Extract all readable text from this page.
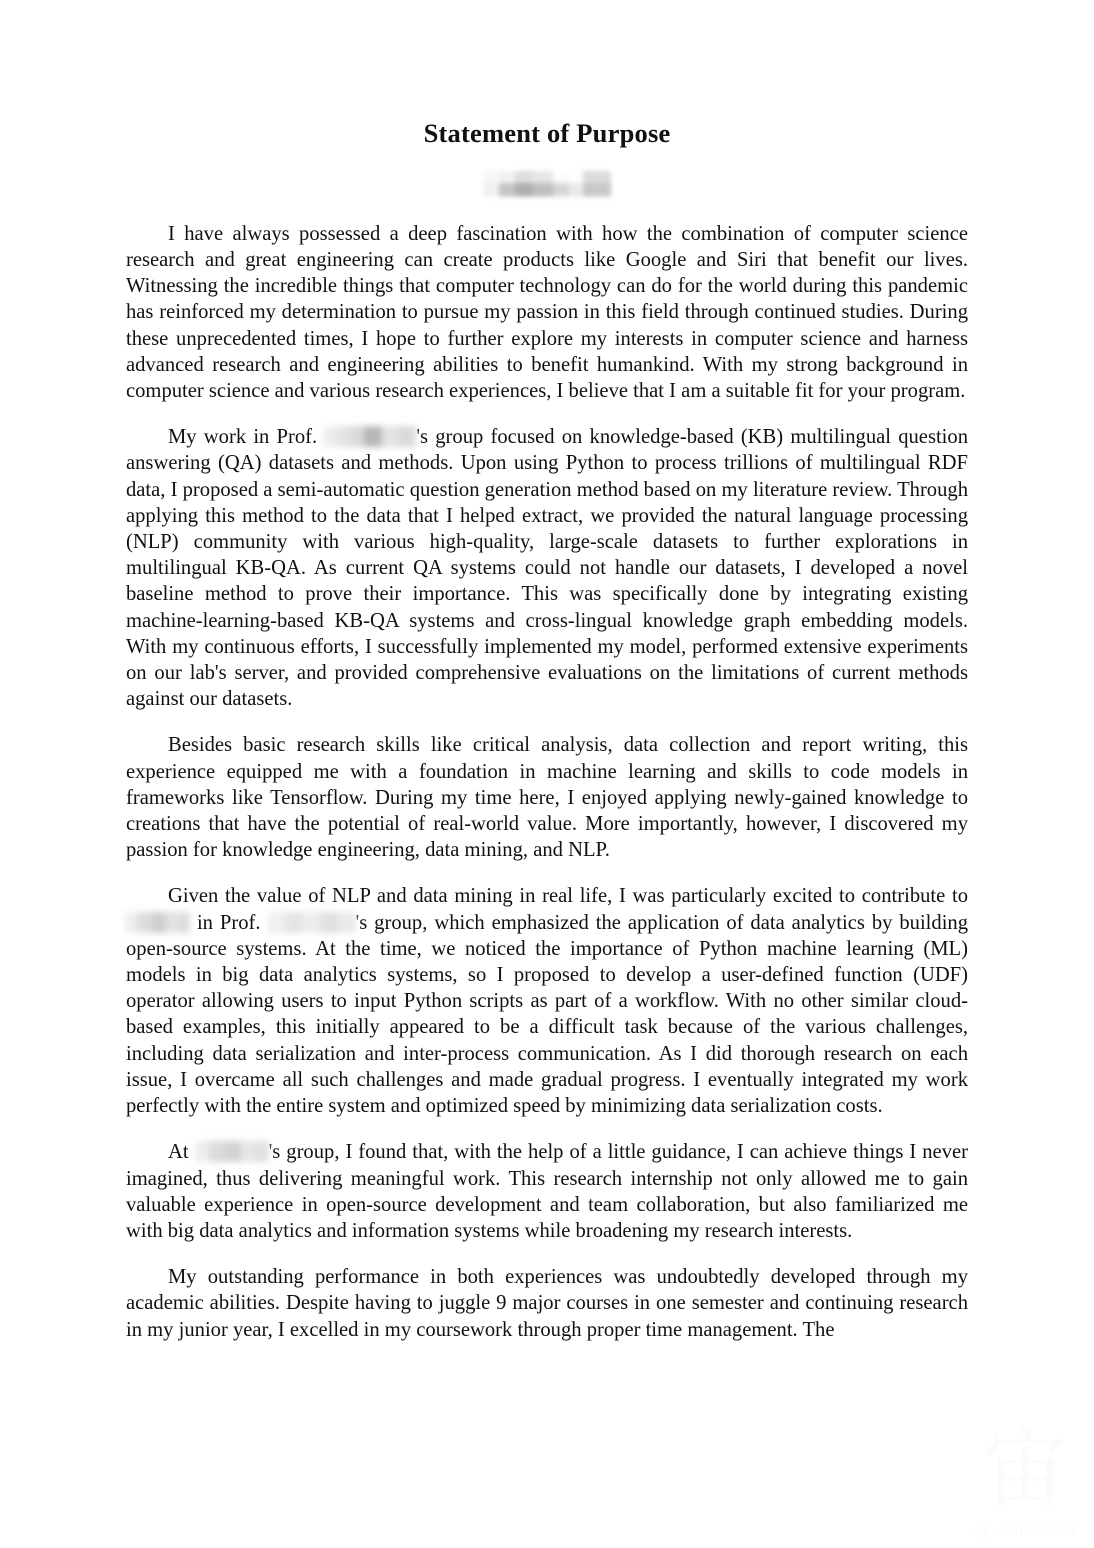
Statement of Purpose

I have always possessed a deep fascination with how the combination of computer science research and great engineering can create products like Google and Siri that benefit our lives. Witnessing the incredible things that computer technology can do for the world during this pandemic has reinforced my determination to pursue my passion in this field through continued studies. During these unprecedented times, I hope to further explore my interests in computer science and harness advanced research and engineering abilities to benefit humankind. With my strong background in computer science and various research experiences, I believe that I am a suitable fit for your program.

My work in Prof.	's group focused on knowledge-based (KB) multilingual question answering (QA) datasets and methods. Upon using Python to process trillions of multilingual RDF data, I proposed a semi-automatic question generation method based on my literature review. Through applying this method to the data that I helped extract, we provided the natural language processing (NLP) community with various high-quality, large-scale datasets to further explorations in multilingual KB-QA. As current QA systems could not handle our datasets, I developed a novel baseline method to prove their importance. This was specifically done by integrating existing machine-learning-based KB-QA systems and cross-lingual knowledge graph embedding models. With my continuous efforts, I successfully implemented my model, performed extensive experiments on our lab's server, and provided comprehensive evaluations on the limitations of current methods against our datasets.

Besides basic research skills like critical analysis, data collection and report writing, this experience equipped me with a foundation in machine learning and skills to code models in frameworks like Tensorflow. During my time here, I enjoyed applying newly-gained knowledge to creations that have the potential of real-world value. More importantly, however, I discovered my passion for knowledge engineering, data mining, and NLP.

Given the value of NLP and data mining in real life, I was particularly excited to contribute to  in Prof.	's group, which emphasized the application of data analytics by building open-source systems. At the time, we noticed the importance of Python machine learning (ML) models in big data analytics systems, so I proposed to develop a user-defined function (UDF) operator allowing users to input Python scripts as part of a workflow. With no other similar cloud-based examples, this initially appeared to be a difficult task because of the various challenges, including data serialization and inter-process communication. As I did thorough research on each issue, I overcame all such challenges and made gradual progress. I eventually integrated my work perfectly with the entire system and optimized speed by minimizing data serialization costs.

At	's group, I found that, with the help of a little guidance, I can achieve things I never imagined, thus delivering meaningful work. This research internship not only allowed me to gain valuable experience in open-source development and team collaboration, but also familiarized me with big data analytics and information systems while broadening my research interests.

My outstanding performance in both experiences was undoubtedly developed through my academic abilities. Despite having to juggle 9 major courses in one semester and continuing research in my junior year, I excelled in my coursework through proper time management. The

宙
@一亩三分地
